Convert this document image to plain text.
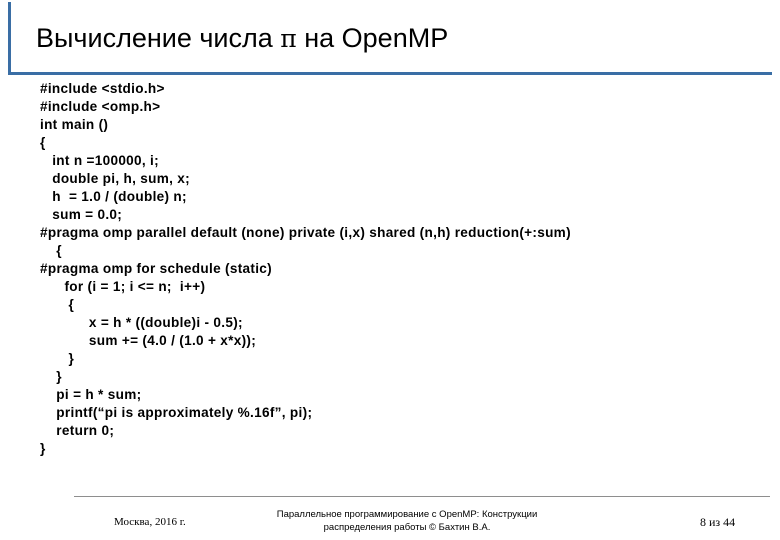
Вычисление числа π на OpenMP
#include <stdio.h>
#include <omp.h>
int main ()
{
int n =100000, i;
double pi, h, sum, x;
h  = 1.0 / (double) n;
sum = 0.0;
#pragma omp parallel default (none) private (i,x) shared (n,h) reduction(+:sum)
{
#pragma omp for schedule (static)
for (i = 1; i <= n;  i++)
{
x = h * ((double)i - 0.5);
sum += (4.0 / (1.0 + x*x));
}
}
pi = h * sum;
printf(“pi is approximately %.16f”, pi);
return 0;
}
Москва, 2016 г.
Параллельное программирование с OpenMP: Конструкции
распределения работы © Бахтин В.А.	8 из 44
